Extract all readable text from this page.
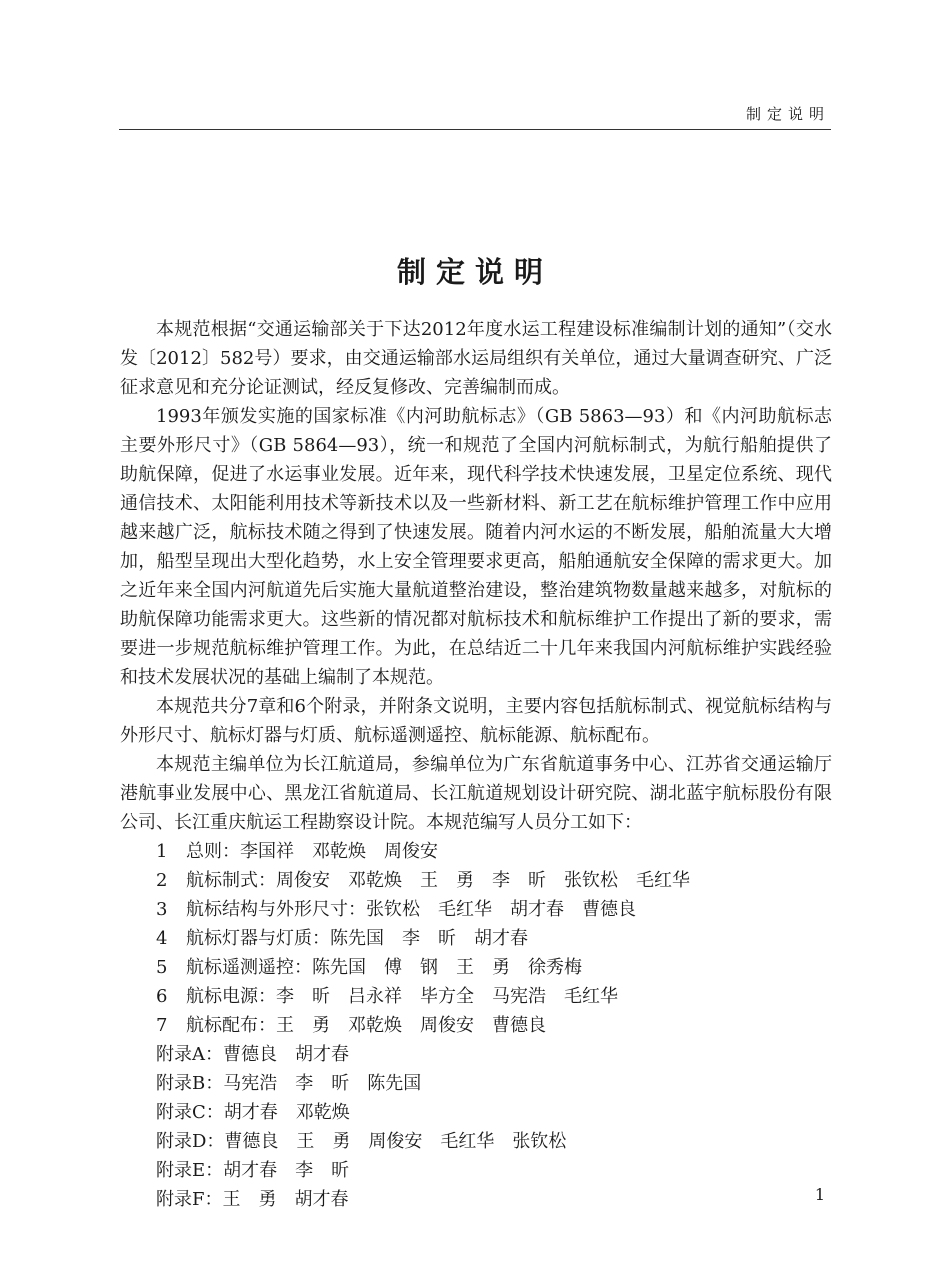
制定说明
制定说明

本规范根据“交通运输部关于下达2012年度水运工程建设标准编制计划的通知”（交水发〔2012〕582号）要求，由交通运输部水运局组织有关单位，通过大量调查研究、广泛征求意见和充分论证测试，经反复修改、完善编制而成。

1993年颁发实施的国家标准《内河助航标志》（GB 5863—93）和《内河助航标志主要外形尺寸》（GB 5864—93），统一和规范了全国内河航标制式，为航行船舶提供了助航保障，促进了水运事业发展。近年来，现代科学技术快速发展，卫星定位系统、现代通信技术、太阳能利用技术等新技术以及一些新材料、新工艺在航标维护管理工作中应用越来越广泛，航标技术随之得到了快速发展。随着内河水运的不断发展，船舶流量大大增加，船型呈现出大型化趋势，水上安全管理要求更高，船舶通航安全保障的需求更大。加之近年来全国内河航道先后实施大量航道整治建设，整治建筑物数量越来越多，对航标的助航保障功能需求更大。这些新的情况都对航标技术和航标维护工作提出了新的要求，需要进一步规范航标维护管理工作。为此，在总结近二十几年来我国内河航标维护实践经验和技术发展状况的基础上编制了本规范。

本规范共分7章和6个附录，并附条文说明，主要内容包括航标制式、视觉航标结构与外形尺寸、航标灯器与灯质、航标遥测遥控、航标能源、航标配布。

本规范主编单位为长江航道局，参编单位为广东省航道事务中心、江苏省交通运输厅港航事业发展中心、黑龙江省航道局、长江航道规划设计研究院、湖北蓝宇航标股份有限公司、长江重庆航运工程勘察设计院。本规范编写人员分工如下：

1 总则：李国祥　邓乾焕　周俊安
2 航标制式：周俊安　邓乾焕　王　勇　李　昕　张钦松　毛红华
3 航标结构与外形尺寸：张钦松　毛红华　胡才春　曹德良
4 航标灯器与灯质：陈先国　李　昕　胡才春
5 航标遥测遥控：陈先国　傅　钢　王　勇　徐秀梅
6 航标电源：李　昕　吕永祥　毕方全　马宪浩　毛红华
7 航标配布：王　勇　邓乾焕　周俊安　曹德良
附录A：曹德良　胡才春
附录B：马宪浩　李　昕　陈先国
附录C：胡才春　邓乾焕
附录D：曹德良　王　勇　周俊安　毛红华　张钦松
附录E：胡才春　李　昕
附录F：王　勇　胡才春	1
